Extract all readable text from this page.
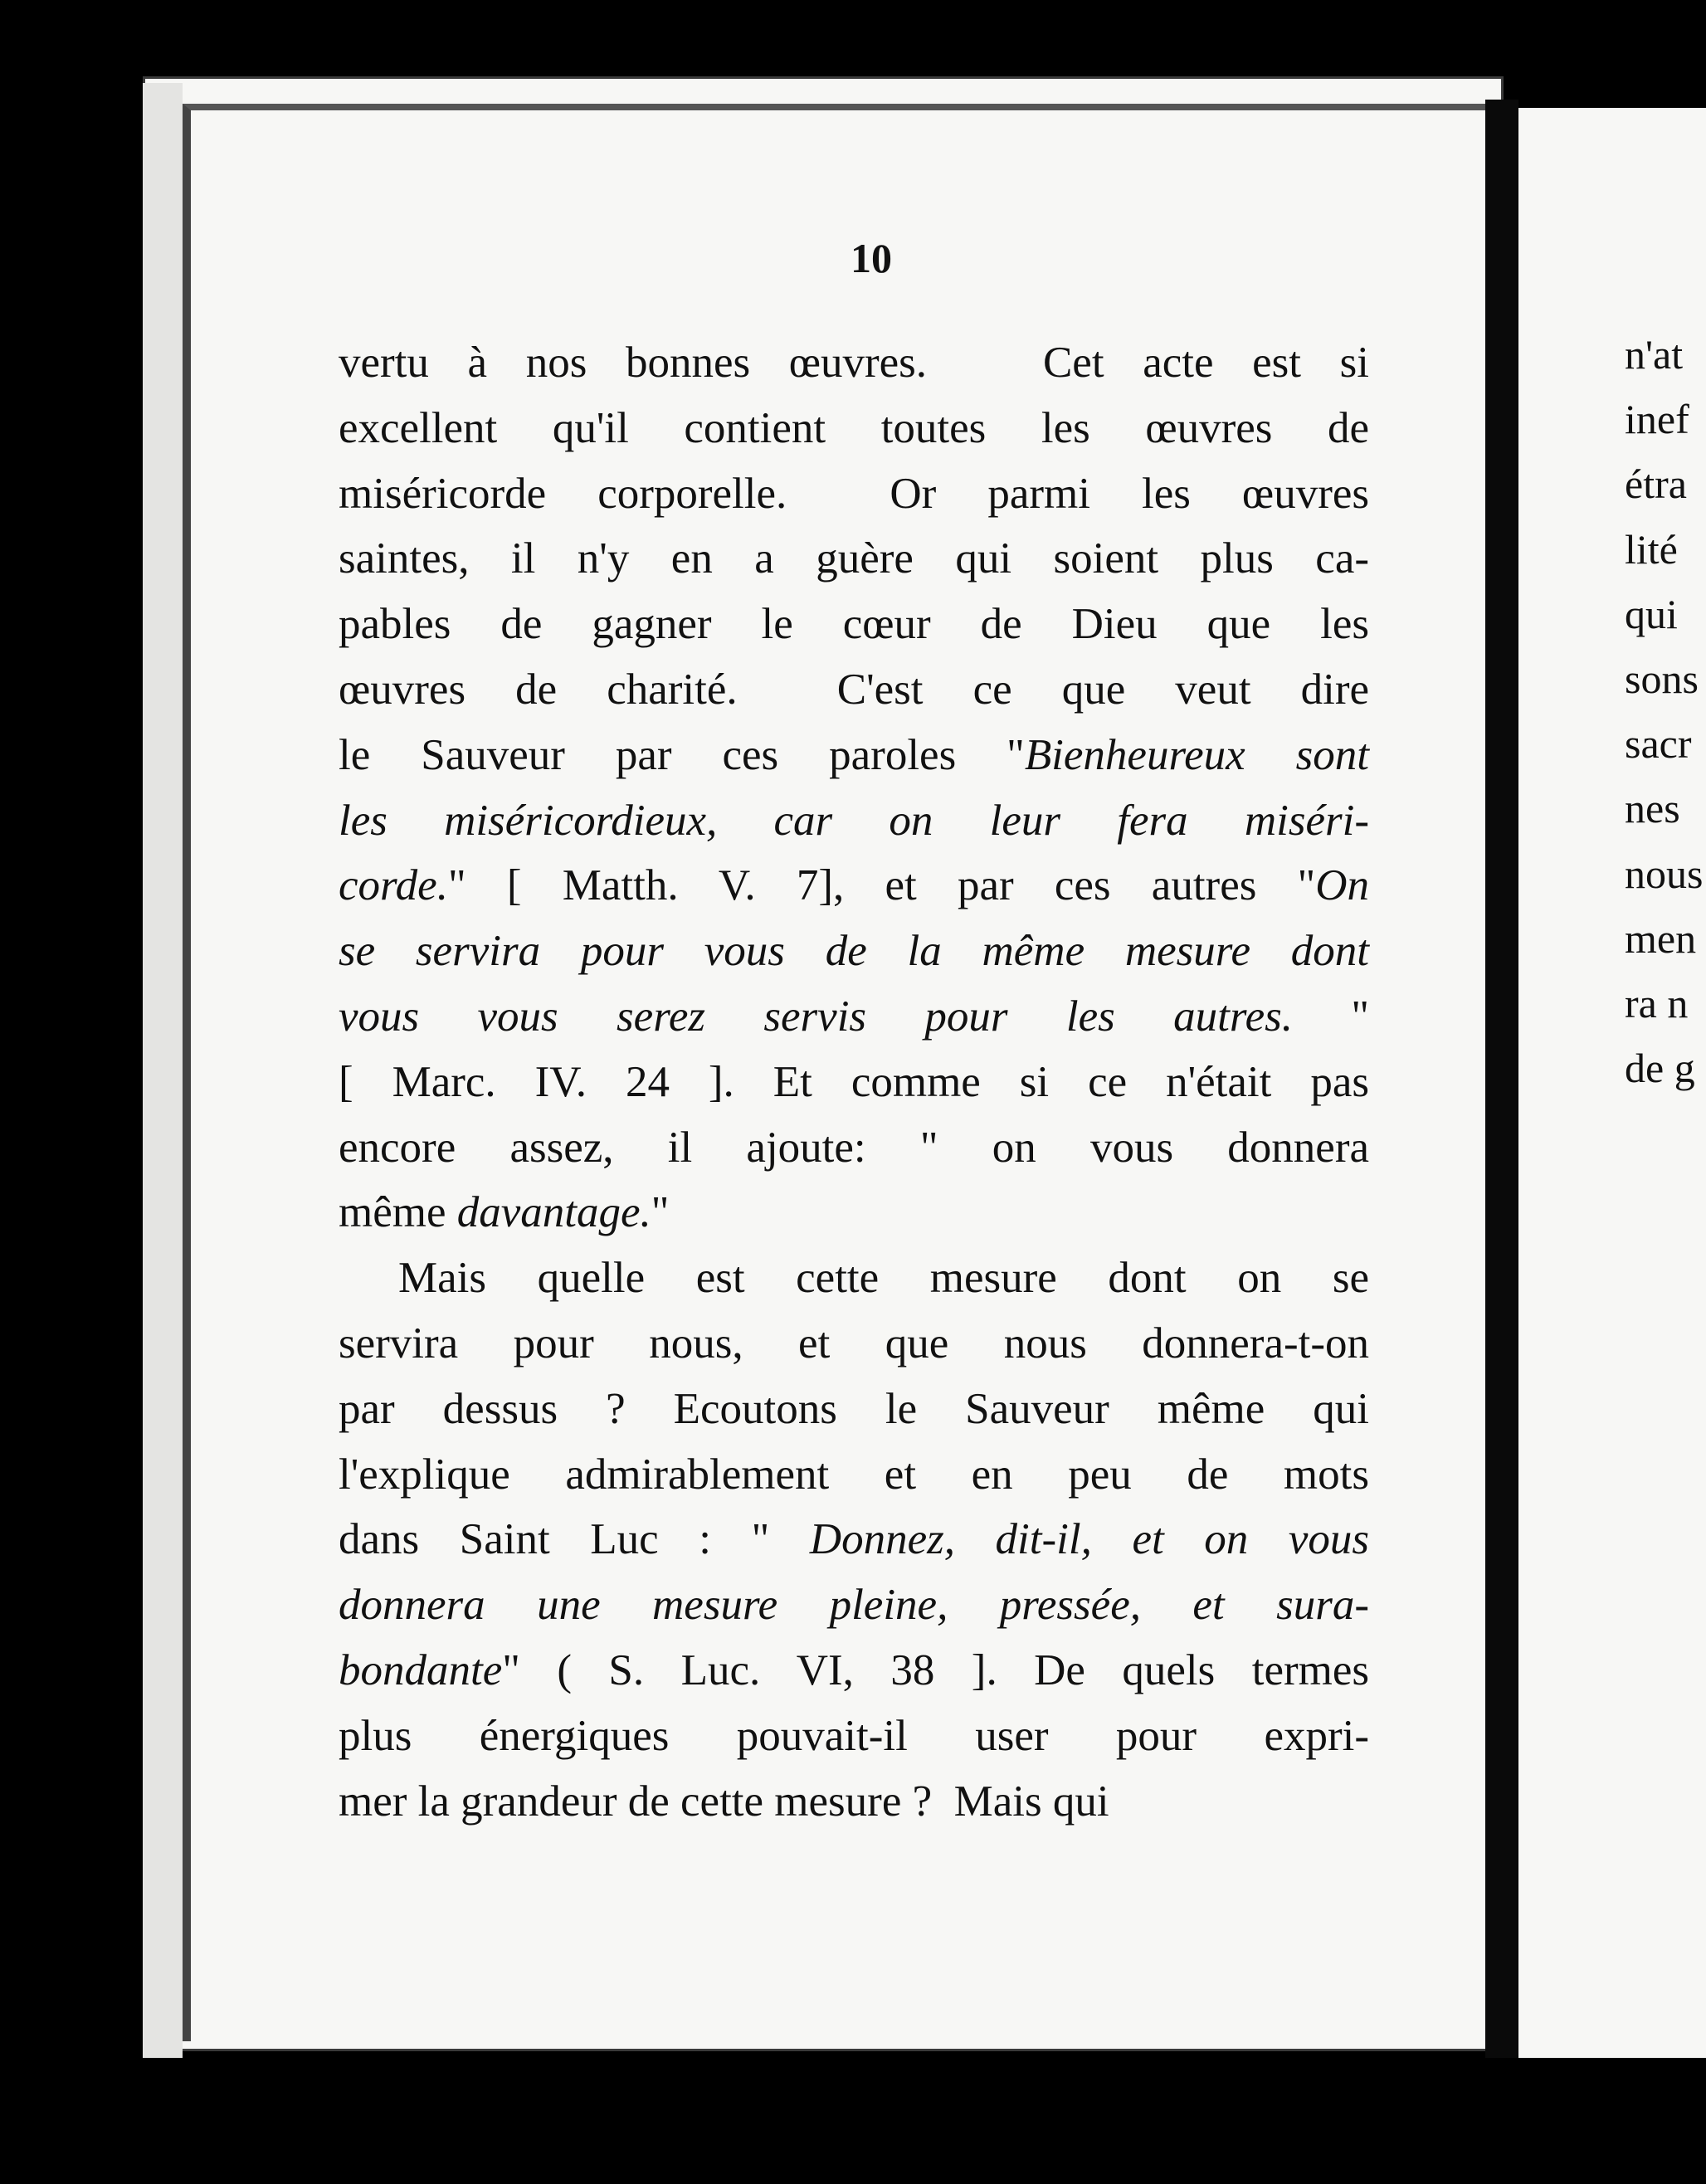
10
vertu à nos bonnes œuvres.   Cet acte est si
excellent qu'il contient toutes les œuvres de
miséricorde corporelle.  Or parmi les œuvres
saintes, il n'y en a guère qui soient plus ca-
pables de gagner le cœur de Dieu que les
œuvres de charité.  C'est ce que veut dire
le Sauveur par ces paroles "Bienheureux sont
les miséricordieux, car on leur fera miséri-
corde." [ Matth. V. 7], et par ces autres "On
se servira pour vous de la même mesure dont
vous vous serez servis pour les autres. "
[ Marc. IV. 24 ]. Et comme si ce n'était pas
encore assez, il ajoute: " on vous donnera
même davantage."
Mais quelle est cette mesure dont on se
servira pour nous, et que nous donnera-t-on
par dessus ? Ecoutons le Sauveur même qui
l'explique admirablement et en peu de mots
dans Saint Luc : " Donnez, dit-il, et on vous
donnera une mesure pleine, pressée, et sura-
bondante" ( S. Luc. VI, 38 ]. De quels termes
plus énergiques pouvait-il user pour expri-
mer la grandeur de cette mesure ?  Mais qui
n'at
inef
étra
lité
qui
sons
sacr
nes
nous
men
ra n
de g
